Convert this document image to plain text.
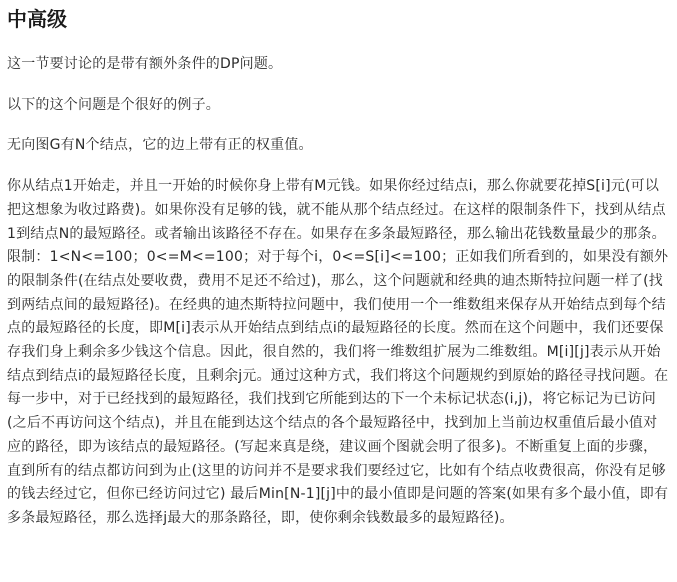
中高级

这一节要讨论的是带有额外条件的DP问题。

以下的这个问题是个很好的例子。

无向图G有N个结点，它的边上带有正的权重值。

你从结点1开始走，并且一开始的时候你身上带有M元钱。如果你经过结点i，那么你就要花掉S[i]元(可以把这想象为收过路费)。如果你没有足够的钱，就不能从那个结点经过。在这样的限制条件下，找到从结点1到结点N的最短路径。或者输出该路径不存在。如果存在多条最短路径，那么输出花钱数量最少的那条。限制：1<N<=100；0<=M<=100；对于每个i，0<=S[i]<=100；正如我们所看到的，如果没有额外的限制条件(在结点处要收费，费用不足还不给过)，那么，这个问题就和经典的迪杰斯特拉问题一样了(找到两结点间的最短路径)。在经典的迪杰斯特拉问题中，我们使用一个一维数组来保存从开始结点到每个结点的最短路径的长度，即M[i]表示从开始结点到结点i的最短路径的长度。然而在这个问题中，我们还要保存我们身上剩余多少钱这个信息。因此，很自然的，我们将一维数组扩展为二维数组。M[i][j]表示从开始结点到结点i的最短路径长度，且剩余j元。通过这种方式，我们将这个问题规约到原始的路径寻找问题。在每一步中，对于已经找到的最短路径，我们找到它所能到达的下一个未标记状态(i,j)，将它标记为已访问(之后不再访问这个结点)，并且在能到达这个结点的各个最短路径中，找到加上当前边权重值后最小值对应的路径，即为该结点的最短路径。(写起来真是绕，建议画个图就会明了很多)。不断重复上面的步骤，直到所有的结点都访问到为止(这里的访问并不是要求我们要经过它，比如有个结点收费很高，你没有足够的钱去经过它，但你已经访问过它) 最后Min[N-1][j]中的最小值即是问题的答案(如果有多个最小值，即有多条最短路径，那么选择j最大的那条路径，即，使你剩余钱数最多的最短路径)。
